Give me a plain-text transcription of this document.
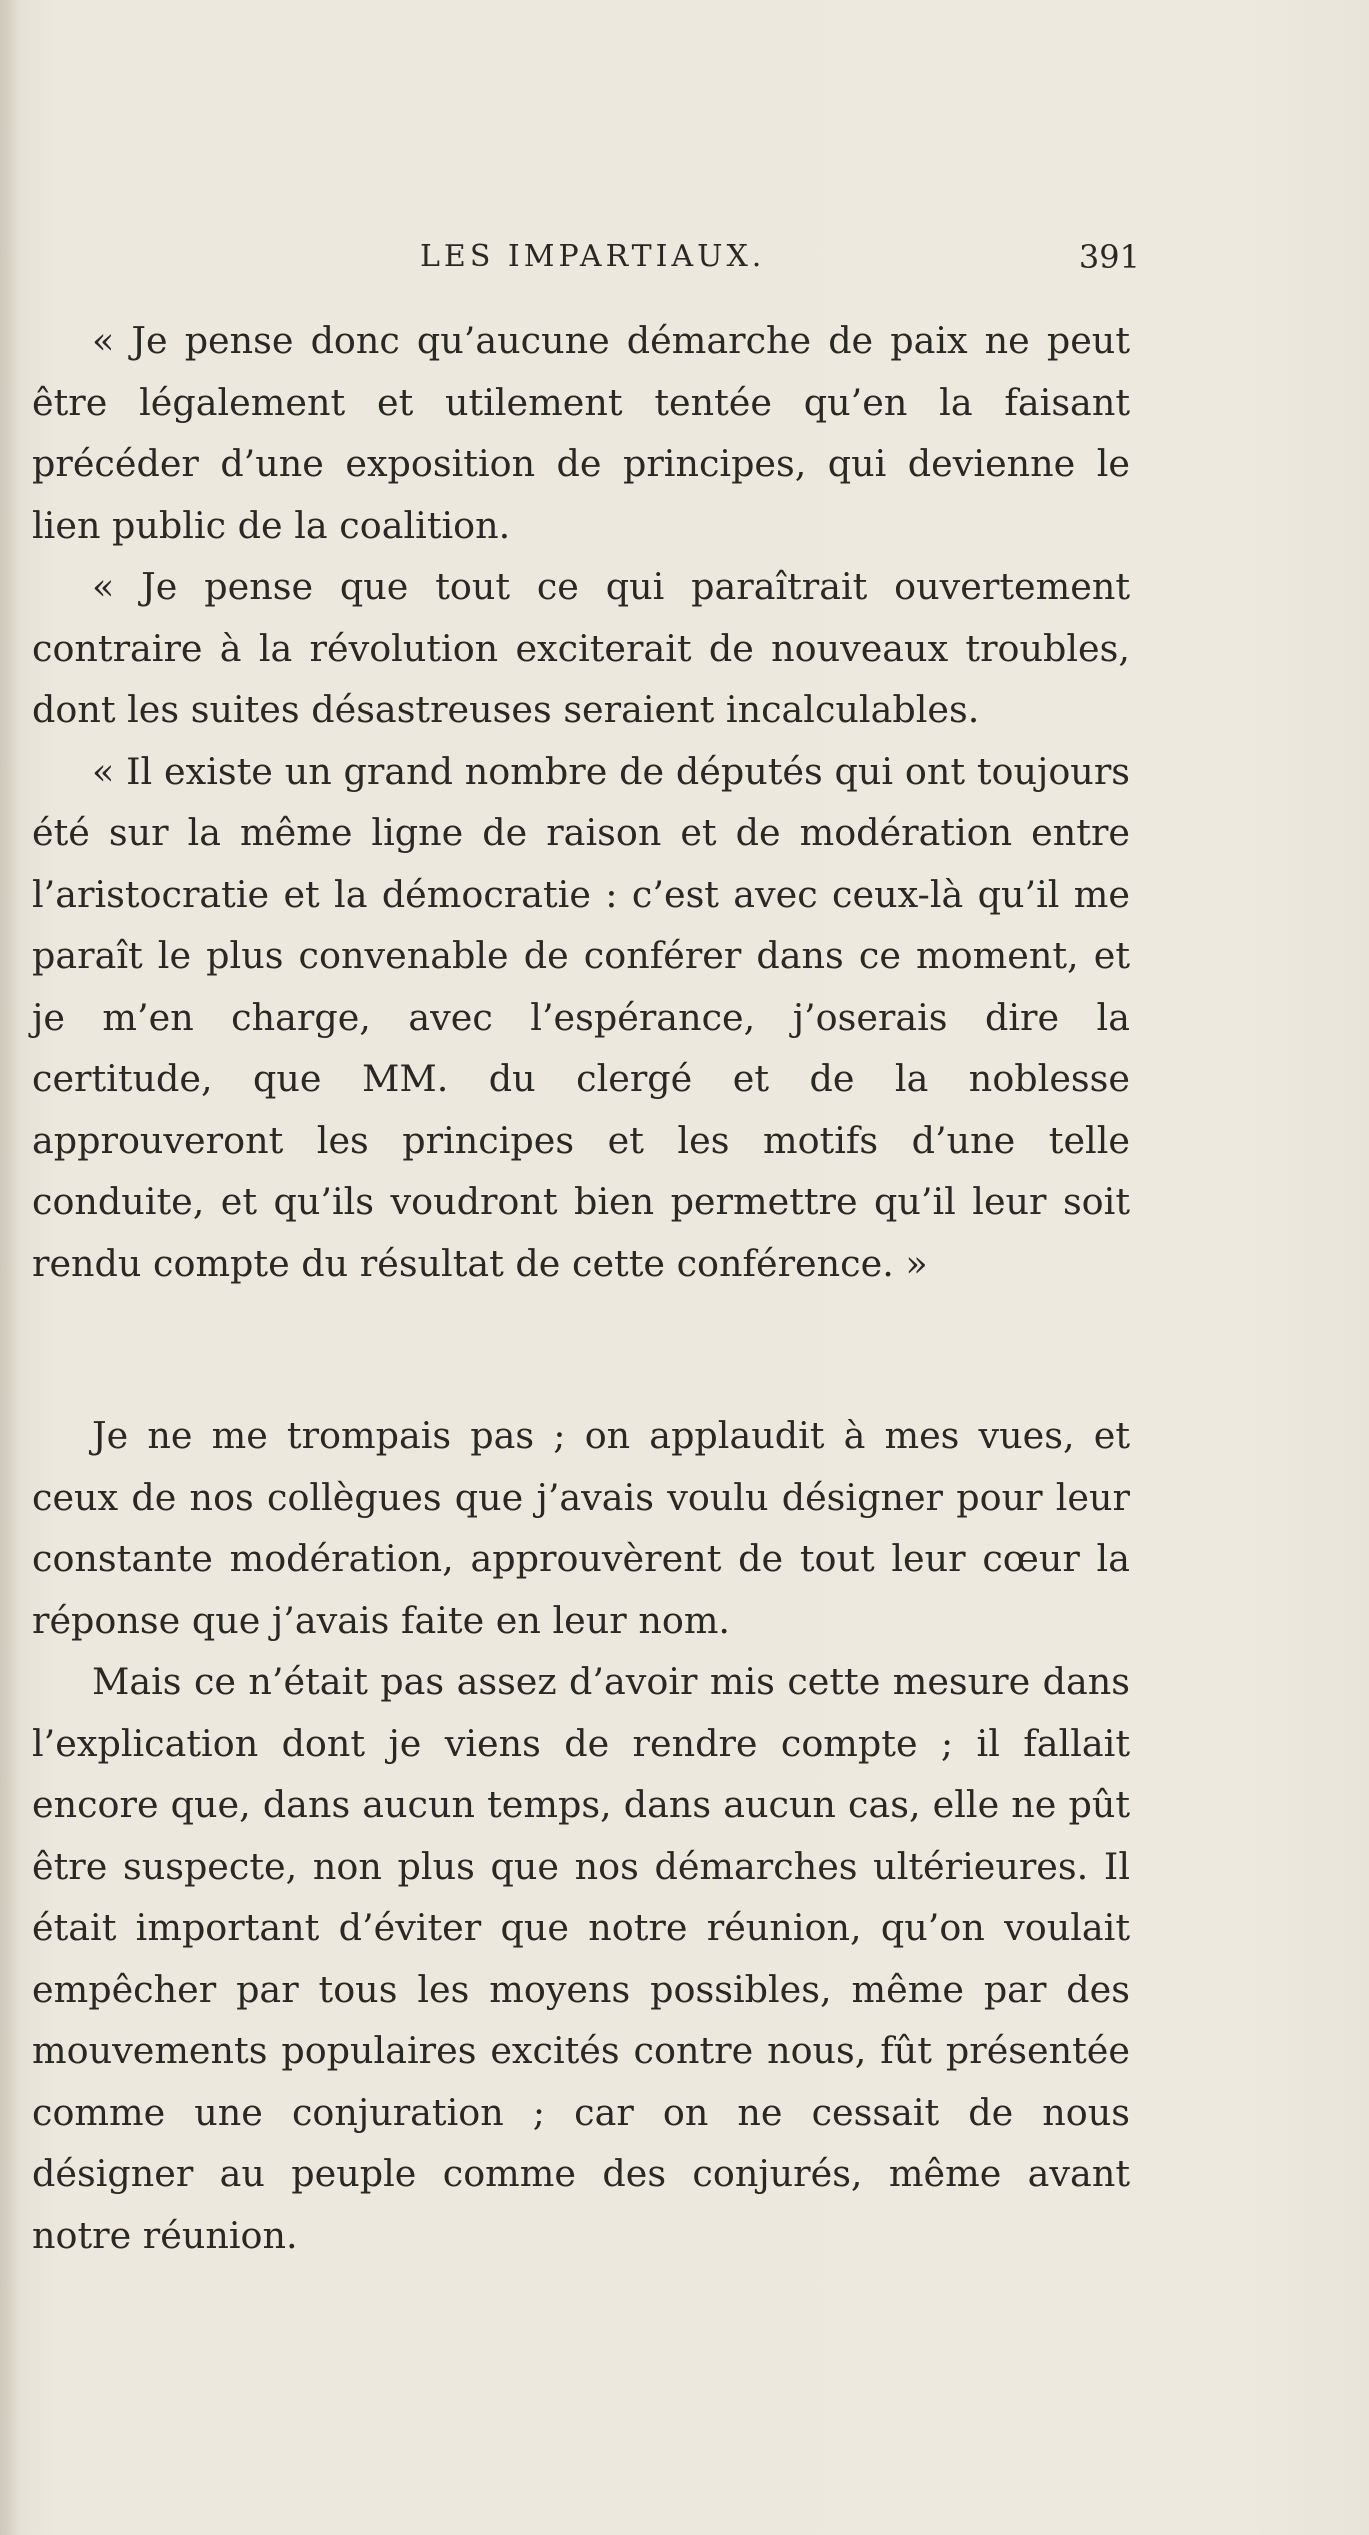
LES IMPARTIAUX.	391

« Je pense donc qu’aucune démarche de paix ne peut être légalement et utilement tentée qu’en la faisant précéder d’une exposition de principes, qui devienne le lien public de la coalition.

« Je pense que tout ce qui paraîtrait ouvertement contraire à la révolution exciterait de nouveaux troubles, dont les suites désastreuses seraient incalculables.

« Il existe un grand nombre de députés qui ont toujours été sur la même ligne de raison et de modération entre l’aristocratie et la démocratie : c’est avec ceux-là qu’il me paraît le plus convenable de conférer dans ce moment, et je m’en charge, avec l’espérance, j’oserais dire la certitude, que MM. du clergé et de la noblesse approuveront les principes et les motifs d’une telle conduite, et qu’ils voudront bien permettre qu’il leur soit rendu compte du résultat de cette conférence. »

Je ne me trompais pas ; on applaudit à mes vues, et ceux de nos collègues que j’avais voulu désigner pour leur constante modération, approuvèrent de tout leur cœur la réponse que j’avais faite en leur nom.

Mais ce n’était pas assez d’avoir mis cette mesure dans l’explication dont je viens de rendre compte ; il fallait encore que, dans aucun temps, dans aucun cas, elle ne pût être suspecte, non plus que nos démarches ultérieures. Il était important d’éviter que notre réunion, qu’on voulait empêcher par tous les moyens possibles, même par des mouvements populaires excités contre nous, fût présentée comme une conjuration ; car on ne cessait de nous désigner au peuple comme des conjurés, même avant notre réunion.
